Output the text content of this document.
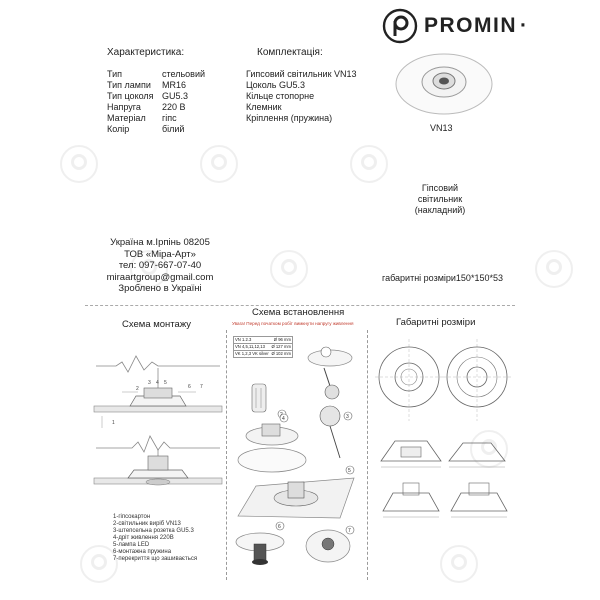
PROMIN ·
Характеристика:
Тип	стельовий
Тип лампи	MR16
Тип цоколя GU5.3
Напруга	220 В
Матеріал	гіпс
Колір	білий
Комплектація:
Гипсовий світильник VN13
Цоколь GU5.3
Кільце стопорне
Клемник
Кріплення (пружина)
VN13
Гіпсовий
світильник
(накладний)
Україна м.Ірпінь 08205
ТОВ «Міра-Арт»
тел: 097-667-07-40
miraartgroup@gmail.com
Зроблено в Україні
габаритні розміри150*150*53
Схема монтажу
Схема встановлення
Габаритні розміри
2
3 4 5
6 7
1
1-гіпсокартон
2-світильник виріб VN13
3-штепсельна розетка GU5.3
4-дріт живлення 220В
5-лампа LED
6-монтажна пружина
7-перекриття що зашивається
Увага! Перед початком робіт вимкнути напругу живлення
VN 1.2.3	Ø 96 mm
VN 4,5,11,12,13 Ø 127 mm
VK 1,2,3 VK silver Ø 102 mm
3
4
5
6
7
